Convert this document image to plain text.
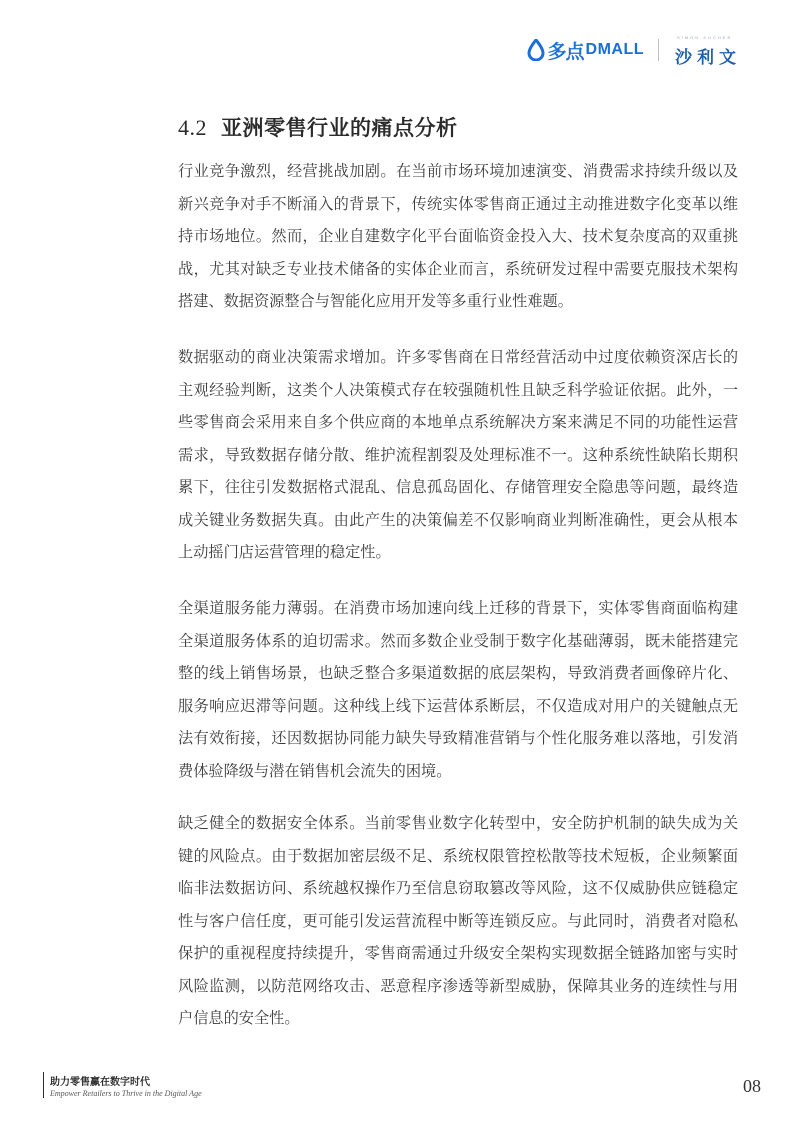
多点 DMALL
SIMON-KUCHER
沙利文
4.2 亚洲零售行业的痛点分析

行业竞争激烈，经营挑战加剧。在当前市场环境加速演变、消费需求持续升级以及新兴竞争对手不断涌入的背景下，传统实体零售商正通过主动推进数字化变革以维持市场地位。然而，企业自建数字化平台面临资金投入大、技术复杂度高的双重挑战，尤其对缺乏专业技术储备的实体企业而言，系统研发过程中需要克服技术架构搭建、数据资源整合与智能化应用开发等多重行业性难题。

数据驱动的商业决策需求增加。许多零售商在日常经营活动中过度依赖资深店长的主观经验判断，这类个人决策模式存在较强随机性且缺乏科学验证依据。此外，一些零售商会采用来自多个供应商的本地单点系统解决方案来满足不同的功能性运营需求，导致数据存储分散、维护流程割裂及处理标准不一。这种系统性缺陷长期积累下，往往引发数据格式混乱、信息孤岛固化、存储管理安全隐患等问题，最终造成关键业务数据失真。由此产生的决策偏差不仅影响商业判断准确性，更会从根本上动摇门店运营管理的稳定性。

全渠道服务能力薄弱。在消费市场加速向线上迁移的背景下，实体零售商面临构建全渠道服务体系的迫切需求。然而多数企业受制于数字化基础薄弱，既未能搭建完整的线上销售场景，也缺乏整合多渠道数据的底层架构，导致消费者画像碎片化、服务响应迟滞等问题。这种线上线下运营体系断层，不仅造成对用户的关键触点无法有效衔接，还因数据协同能力缺失导致精准营销与个性化服务难以落地，引发消费体验降级与潜在销售机会流失的困境。

缺乏健全的数据安全体系。当前零售业数字化转型中，安全防护机制的缺失成为关键的风险点。由于数据加密层级不足、系统权限管控松散等技术短板，企业频繁面临非法数据访问、系统越权操作乃至信息窃取篡改等风险，这不仅威胁供应链稳定性与客户信任度，更可能引发运营流程中断等连锁反应。与此同时，消费者对隐私保护的重视程度持续提升，零售商需通过升级安全架构实现数据全链路加密与实时风险监测，以防范网络攻击、恶意程序渗透等新型威胁，保障其业务的连续性与用户信息的安全性。

助力零售赢在数字时代
Empower Retailers to Thrive in the Digital Age	08
